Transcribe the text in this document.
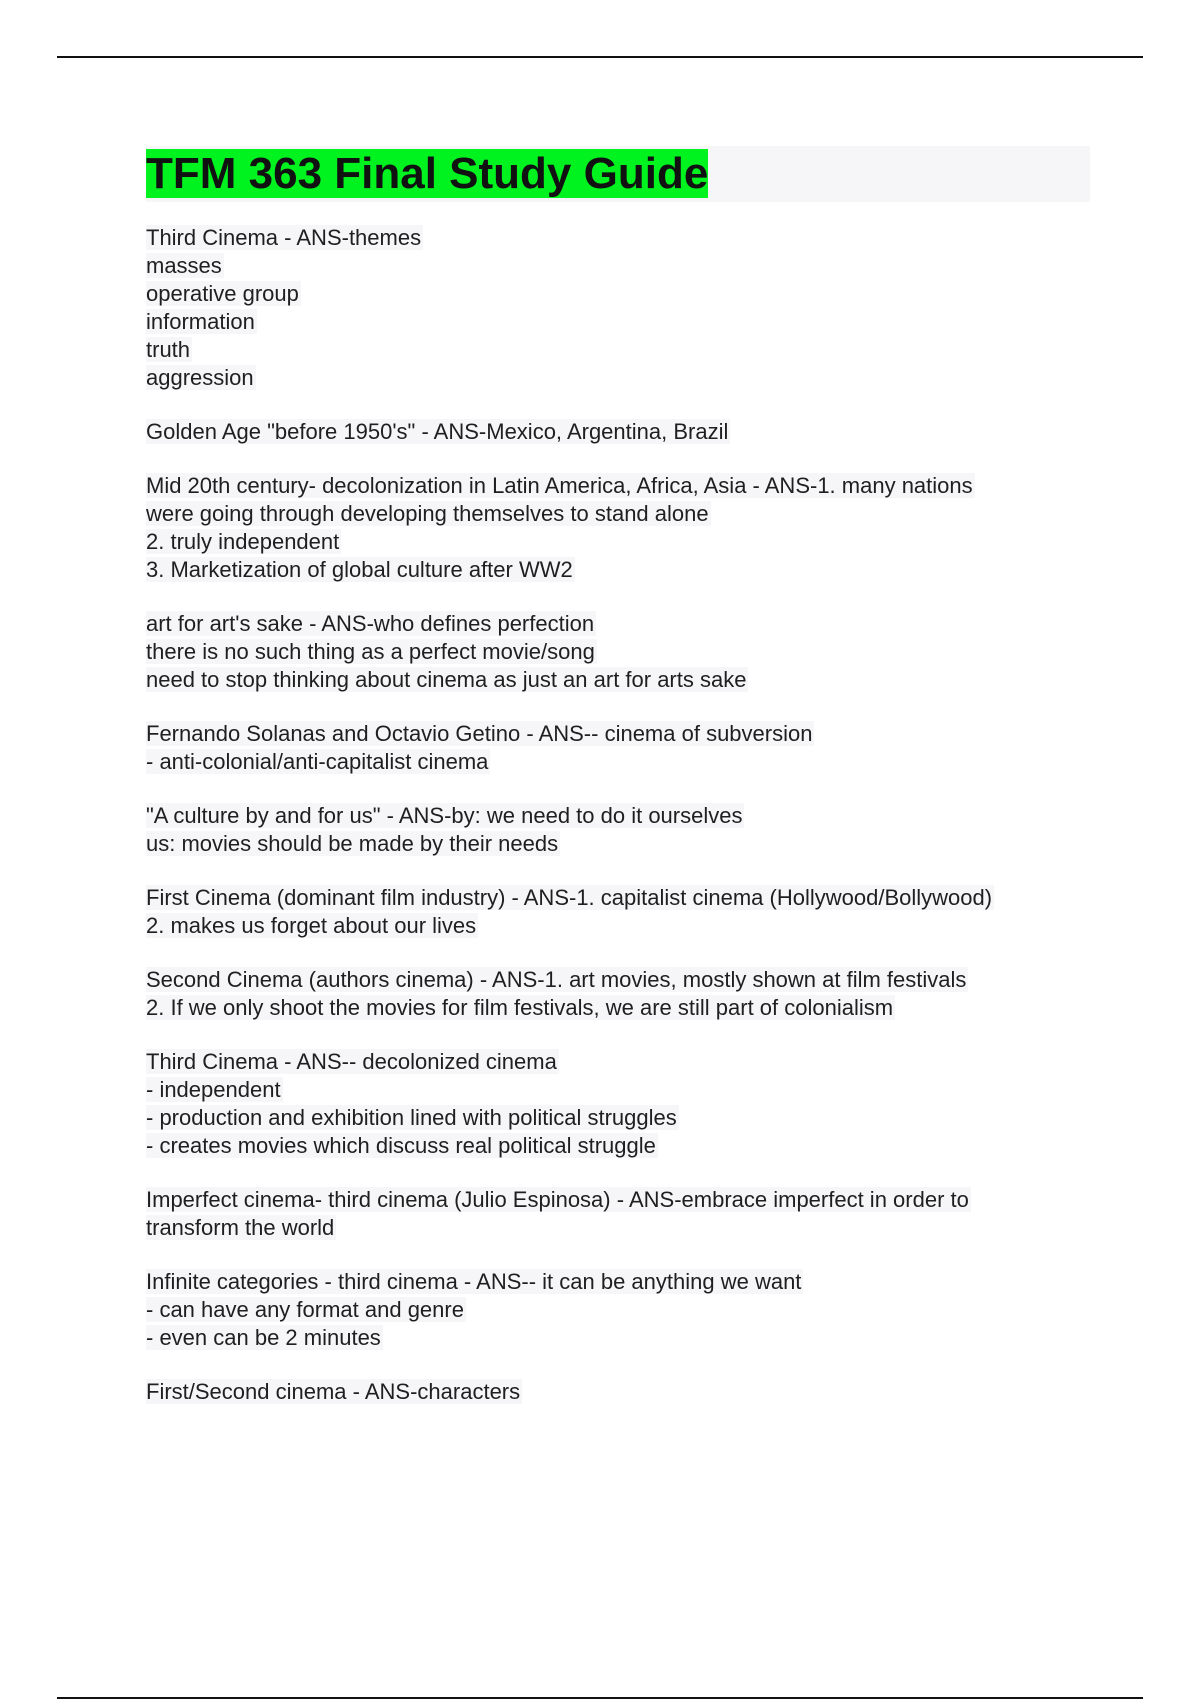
TFM 363 Final Study Guide
Third Cinema - ANS-themes
masses
operative group
information
truth
aggression
Golden Age "before 1950's" - ANS-Mexico, Argentina, Brazil
Mid 20th century- decolonization in Latin America, Africa, Asia - ANS-1. many nations
were going through developing themselves to stand alone
2. truly independent
3. Marketization of global culture after WW2
art for art's sake - ANS-who defines perfection
there is no such thing as a perfect movie/song
need to stop thinking about cinema as just an art for arts sake
Fernando Solanas and Octavio Getino - ANS-- cinema of subversion
- anti-colonial/anti-capitalist cinema
"A culture by and for us" - ANS-by: we need to do it ourselves
us: movies should be made by their needs
First Cinema (dominant film industry) - ANS-1. capitalist cinema (Hollywood/Bollywood)
2. makes us forget about our lives
Second Cinema (authors cinema) - ANS-1. art movies, mostly shown at film festivals
2. If we only shoot the movies for film festivals, we are still part of colonialism
Third Cinema - ANS-- decolonized cinema
- independent
- production and exhibition lined with political struggles
- creates movies which discuss real political struggle
Imperfect cinema- third cinema (Julio Espinosa) - ANS-embrace imperfect in order to
transform the world
Infinite categories - third cinema - ANS-- it can be anything we want
- can have any format and genre
- even can be 2 minutes
First/Second cinema - ANS-characters
